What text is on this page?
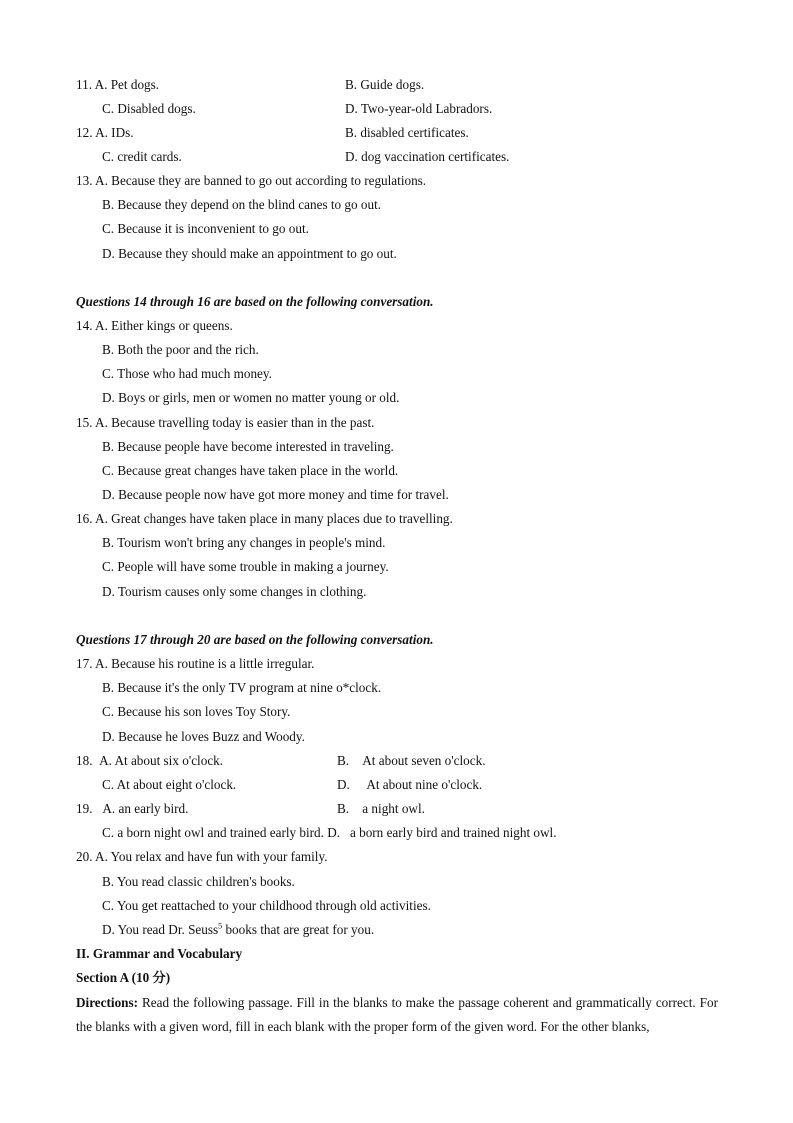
11. A. Pet dogs.	B. Guide dogs.
C. Disabled dogs.	D. Two-year-old Labradors.
12. A. IDs.	B. disabled certificates.
C. credit cards.	D. dog vaccination certificates.
13. A. Because they are banned to go out according to regulations.
B. Because they depend on the blind canes to go out.
C. Because it is inconvenient to go out.
D. Because they should make an appointment to go out.
Questions 14 through 16 are based on the following conversation.
14. A. Either kings or queens.
B. Both the poor and the rich.
C. Those who had much money.
D. Boys or girls, men or women no matter young or old.
15. A. Because travelling today is easier than in the past.
B. Because people have become interested in traveling.
C. Because great changes have taken place in the world.
D. Because people now have got more money and time for travel.
16. A. Great changes have taken place in many places due to travelling.
B. Tourism won't bring any changes in people's mind.
C. People will have some trouble in making a journey.
D. Tourism causes only some changes in clothing.
Questions 17 through 20 are based on the following conversation.
17. A. Because his routine is a little irregular.
B. Because it's the only TV program at nine o*clock.
C. Because his son loves Toy Story.
D. Because he loves Buzz and Woody.
18. A. At about six o'clock.	B. At about seven o'clock.
C. At about eight o'clock.	D. At about nine o'clock.
19. A. an early bird.	B. a night owl.
C. a born night owl and trained early bird. D. a born early bird and trained night owl.
20. A. You relax and have fun with your family.
B. You read classic children's books.
C. You get reattached to your childhood through old activities.
D. You read Dr. Seuss$^5$ books that are great for you.
II. Grammar and Vocabulary
Section A (10 分)
Directions: Read the following passage. Fill in the blanks to make the passage coherent and grammatically correct. For the blanks with a given word, fill in each blank with the proper form of the given word. For the other blanks,
